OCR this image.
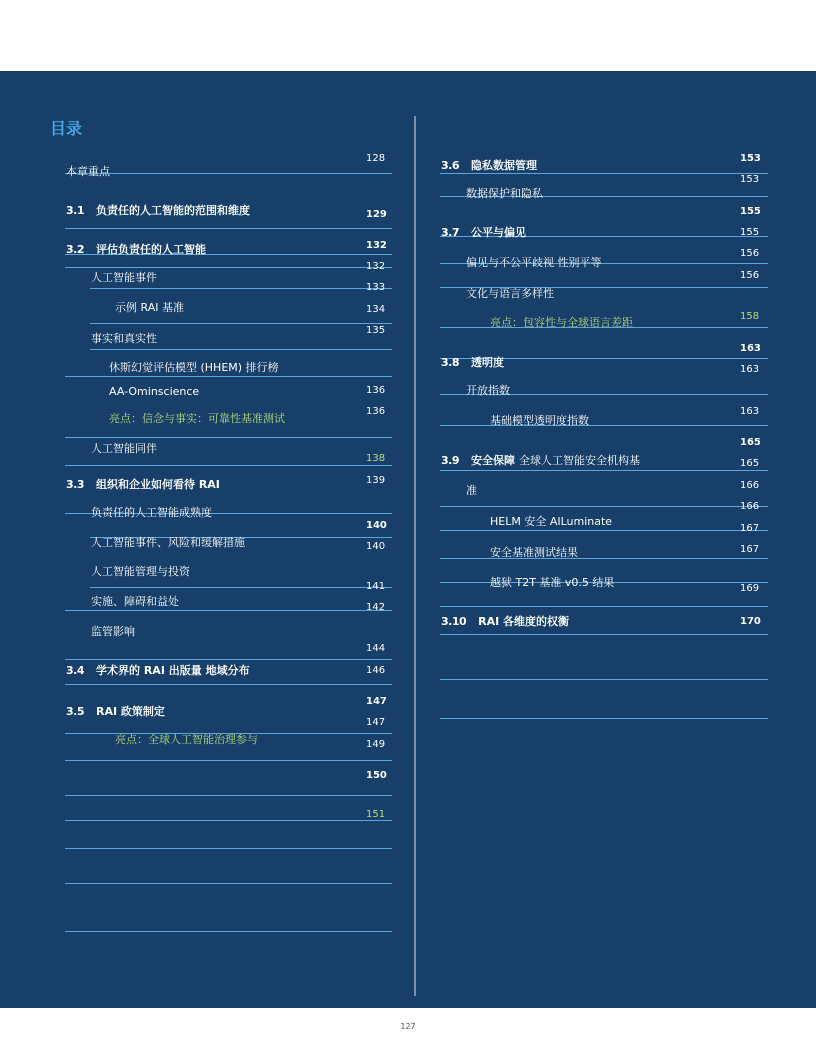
目录
本章重点
3.1 负责任的人工智能的范围和维度
3.2 评估负责任的人工智能
人工智能事件
示例 RAI 基准
事实和真实性
休斯幻觉评估模型 (HHEM) 排行榜
AA-Ominscience
亮点：信念与事实：可靠性基准测试
人工智能同伴
3.3 组织和企业如何看待 RAI
负责任的人工智能成熟度
人工智能事件、风险和缓解措施
人工智能管理与投资
实施、障碍和益处
监管影响
3.4 学术界的 RAI 出版量 地域分布
3.5 RAI 政策制定
亮点：全球人工智能治理参与
3.6 隐私数据管理
数据保护和隐私
3.7 公平与偏见
偏见与不公平歧视 性别平等
文化与语言多样性
亮点：包容性与全球语言差距
3.8 透明度
开放指数
基础模型透明度指数
3.9 安全保障 全球人工智能安全机构基
准
HELM 安全 AILuminate
安全基准测试结果
越狱 T2T 基准 v0.5 结果
3.10 RAI 各维度的权衡
128
129
132
132
133
134
135
136
136
138
139
140
140
141
142
144
146
147
147
149
150
151
153
153
155
155
156
156
158
163
163
163
165
165
166
166
167
167
169
170
127
